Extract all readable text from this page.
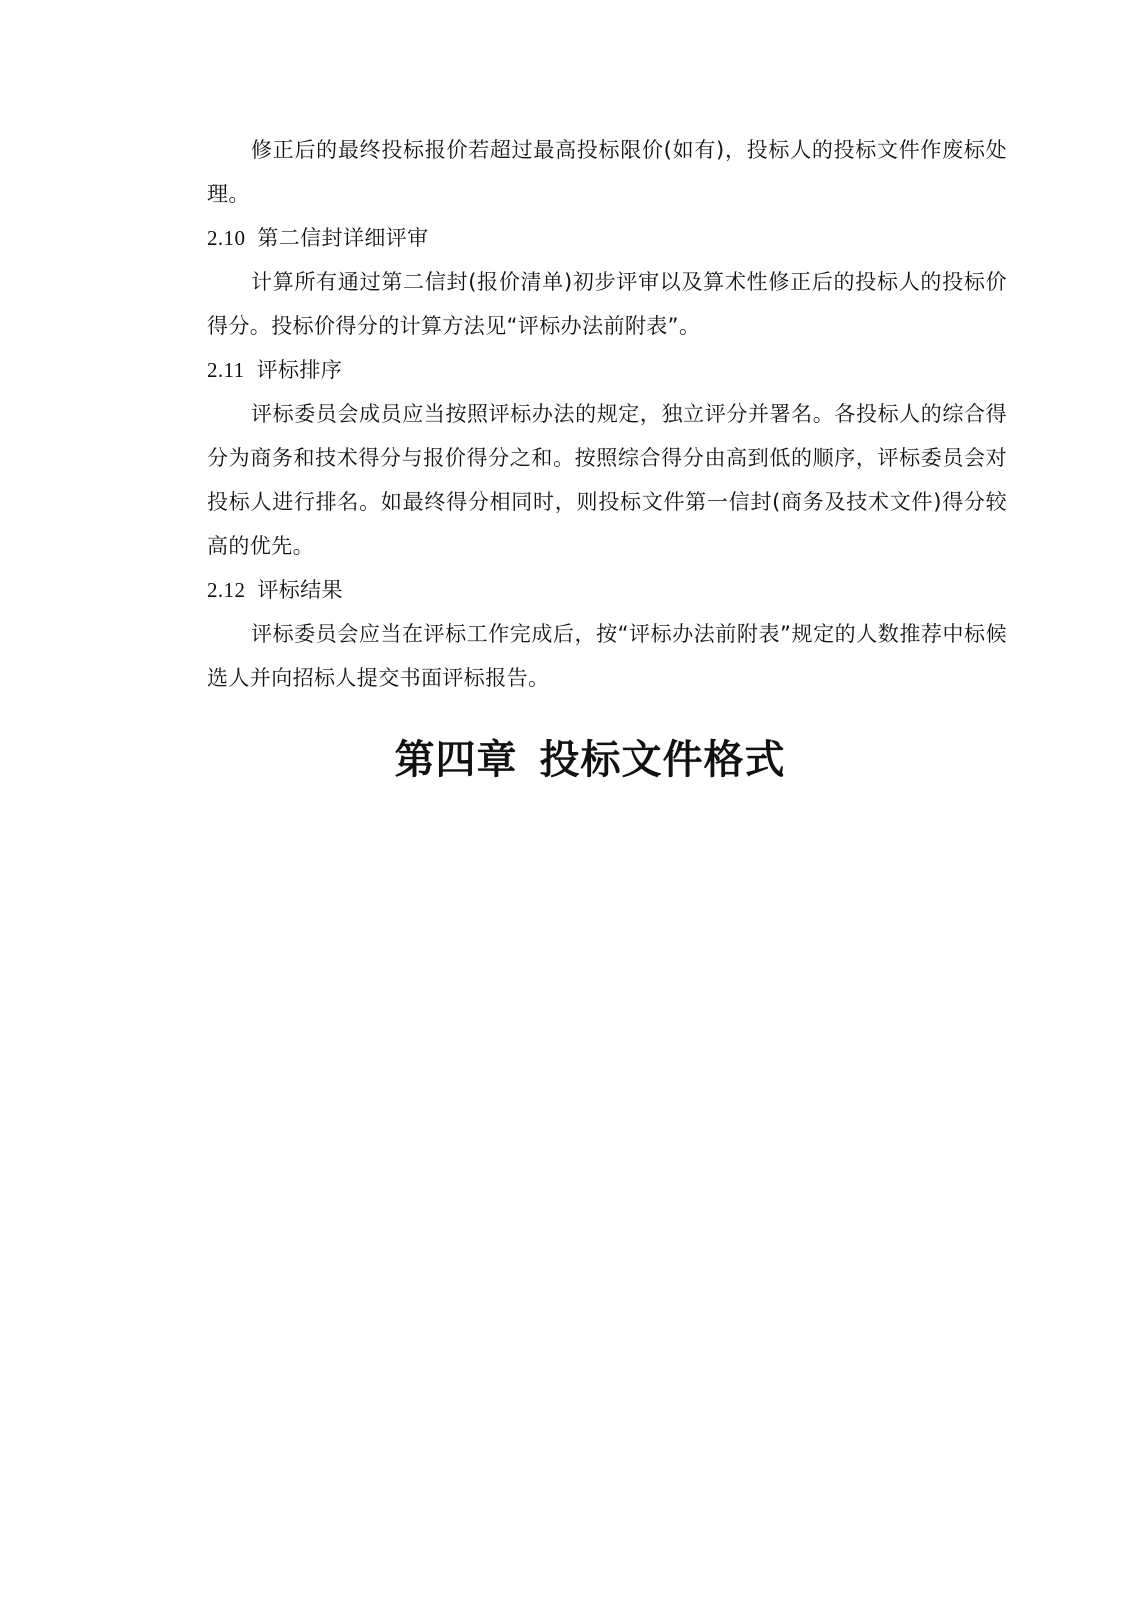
修正后的最终投标报价若超过最高投标限价(如有)，投标人的投标文件作废标处理。

2.10 第二信封详细评审

计算所有通过第二信封(报价清单)初步评审以及算术性修正后的投标人的投标价得分。投标价得分的计算方法见“评标办法前附表”。

2.11 评标排序

评标委员会成员应当按照评标办法的规定，独立评分并署名。各投标人的综合得分为商务和技术得分与报价得分之和。按照综合得分由高到低的顺序，评标委员会对投标人进行排名。如最终得分相同时，则投标文件第一信封(商务及技术文件)得分较高的优先。

2.12 评标结果

评标委员会应当在评标工作完成后，按“评标办法前附表”规定的人数推荐中标候选人并向招标人提交书面评标报告。

第四章 投标文件格式
